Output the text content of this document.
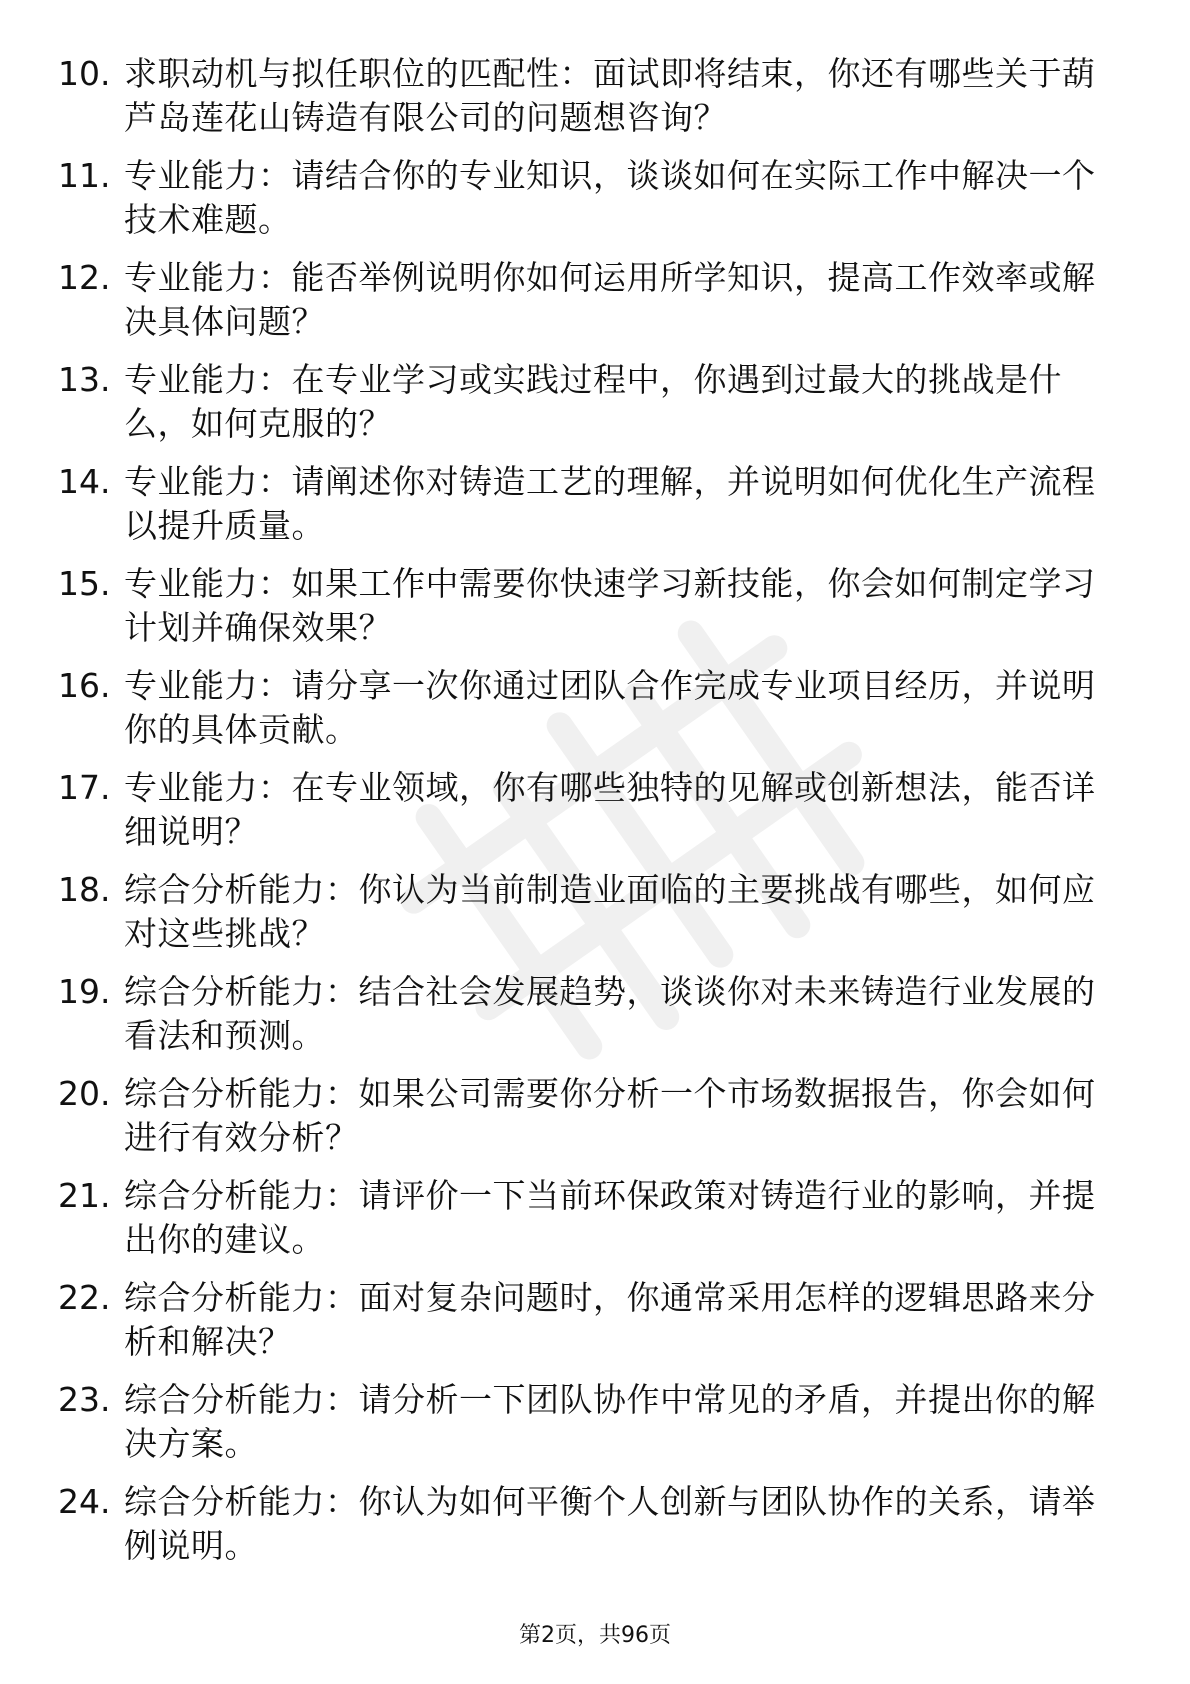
10. 求职动机与拟任职位的匹配性：面试即将结束，你还有哪些关于葫芦岛莲花山铸造有限公司的问题想咨询？
11. 专业能力：请结合你的专业知识，谈谈如何在实际工作中解决一个技术难题。
12. 专业能力：能否举例说明你如何运用所学知识，提高工作效率或解决具体问题？
13. 专业能力：在专业学习或实践过程中，你遇到过最大的挑战是什么，如何克服的？
14. 专业能力：请阐述你对铸造工艺的理解，并说明如何优化生产流程以提升质量。
15. 专业能力：如果工作中需要你快速学习新技能，你会如何制定学习计划并确保效果？
16. 专业能力：请分享一次你通过团队合作完成专业项目经历，并说明你的具体贡献。
17. 专业能力：在专业领域，你有哪些独特的见解或创新想法，能否详细说明？
18. 综合分析能力：你认为当前制造业面临的主要挑战有哪些，如何应对这些挑战？
19. 综合分析能力：结合社会发展趋势，谈谈你对未来铸造行业发展的看法和预测。
20. 综合分析能力：如果公司需要你分析一个市场数据报告，你会如何进行有效分析？
21. 综合分析能力：请评价一下当前环保政策对铸造行业的影响，并提出你的建议。
22. 综合分析能力：面对复杂问题时，你通常采用怎样的逻辑思路来分析和解决？
23. 综合分析能力：请分析一下团队协作中常见的矛盾，并提出你的解决方案。
24. 综合分析能力：你认为如何平衡个人创新与团队协作的关系，请举例说明。
第2页，共96页
